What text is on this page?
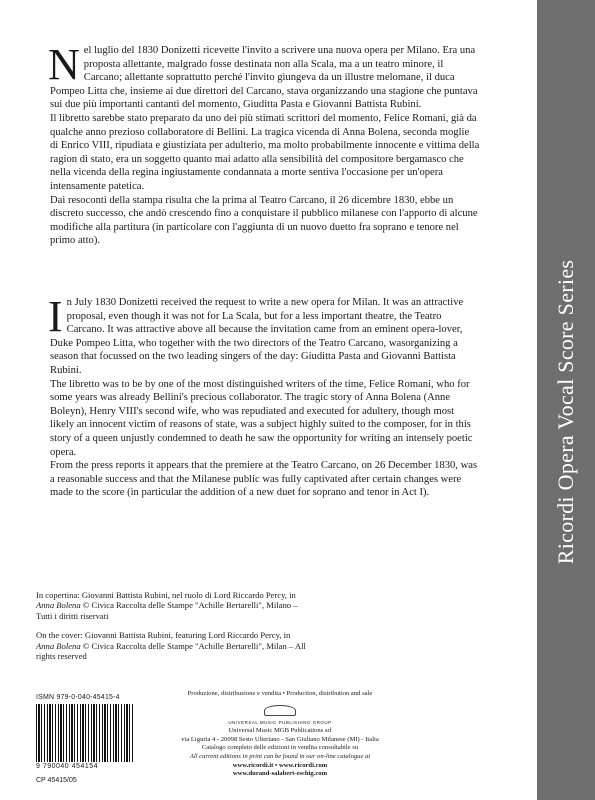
Ricordi Opera Vocal Score Series

Nel luglio del 1830 Donizetti ricevette l'invito a scrivere una nuova opera per Milano. Era una proposta allettante, malgrado fosse destinata non alla Scala, ma a un teatro minore, il Carcano; allettante soprattutto perché l'invito giungeva da un illustre melomane, il duca Pompeo Litta che, insieme ai due direttori del Carcano, stava organizzando una stagione che puntava sui due più importanti cantanti del momento, Giuditta Pasta e Giovanni Battista Rubini.

Il libretto sarebbe stato preparato da uno dei più stimati scrittori del momento, Felice Romani, già da qualche anno prezioso collaboratore di Bellini. La tragica vicenda di Anna Bolena, seconda moglie di Enrico VIII, ripudiata e giustiziata per adulterio, ma molto probabilmente innocente e vittima della ragion di stato, era un soggetto quanto mai adatto alla sensibilità del compositore bergamasco che nella vicenda della regina ingiustamente condannata a morte sentiva l'occasione per un'opera intensamente patetica.

Dai resoconti della stampa risulta che la prima al Teatro Carcano, il 26 dicembre 1830, ebbe un discreto successo, che andò crescendo fino a conquistare il pubblico milanese con l'apporto di alcune modifiche alla partitura (in particolare con l'aggiunta di un nuovo duetto fra soprano e tenore nel primo atto).

In July 1830 Donizetti received the request to write a new opera for Milan. It was an attractive proposal, even though it was not for La Scala, but for a less important theatre, the Teatro Carcano. It was attractive above all because the invitation came from an eminent opera-lover, Duke Pompeo Litta, who together with the two directors of the Teatro Carcano, wasorganizing a season that focussed on the two leading singers of the day: Giuditta Pasta and Giovanni Battista Rubini.

The libretto was to be by one of the most distinguished writers of the time, Felice Romani, who for some years was already Bellini's precious collaborator. The tragic story of Anna Bolena (Anne Boleyn), Henry VIII's second wife, who was repudiated and executed for adultery, though most likely an innocent victim of reasons of state, was a subject highly suited to the composer, for in this story of a queen unjustly condemned to death he saw the opportunity for writing an intensely poetic opera.

From the press reports it appears that the premiere at the Teatro Carcano, on 26 December 1830, was a reasonable success and that the Milanese public was fully captivated after certain changes were made to the score (in particular the addition of a new duet for soprano and tenor in Act I).

In copertina: Giovanni Battista Rubini, nel ruolo di Lord Riccardo Percy, in Anna Bolena © Civica Raccolta delle Stampe "Achille Bertarelli", Milano – Tutti i diritti riservati

On the cover: Giovanni Battista Rubini, featuring Lord Riccardo Percy, in Anna Bolena © Civica Raccolta delle Stampe "Achille Bertarelli", Milan – All rights reserved

ISMN 979-0-040-45415-4
9 790040 454154
CP 45415/05
Produzione, distribuzione e vendita • Production, distribution and sale
UNIVERSAL MUSIC PUBLISHING GROUP
Universal Music MGB Publications srl
via Liguria 4 - 20098 Sesto Ulteriano - San Giuliano Milanese (MI) - Italia
Catalogo completo delle edizioni in vendita consultabile su
All current editions in print can be found in our on-line catalogue at
www.ricordi.it • www.ricordi.com
www.durand-salabert-eschig.com
